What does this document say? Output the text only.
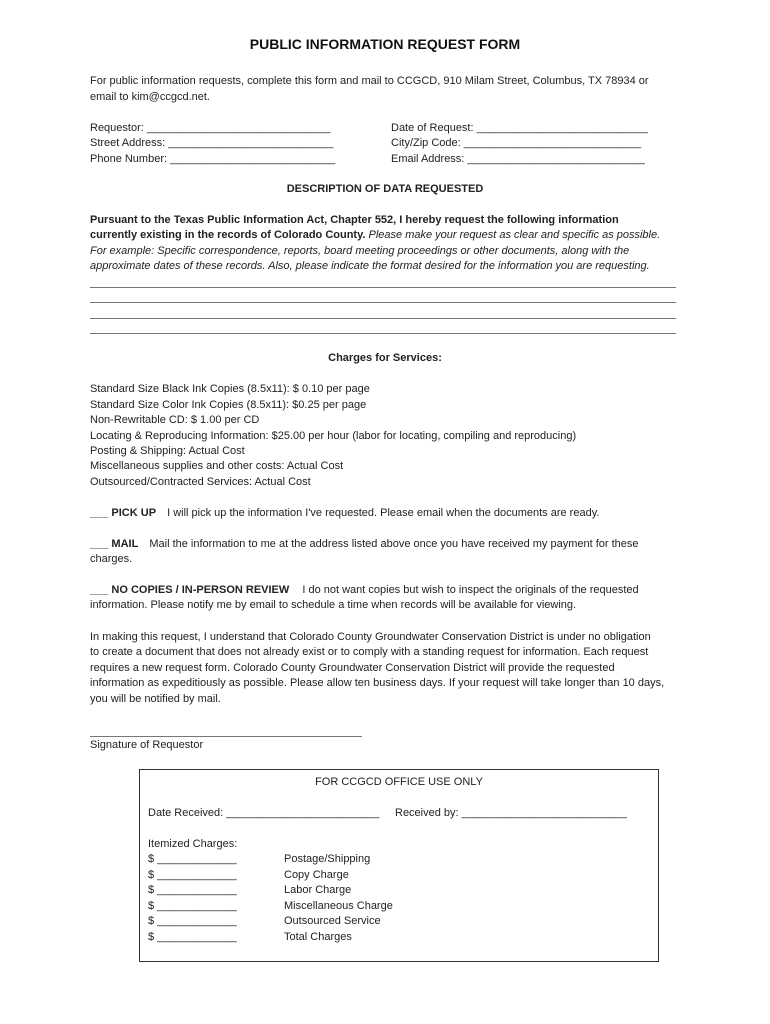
PUBLIC INFORMATION REQUEST FORM
For public information requests, complete this form and mail to CCGCD, 910 Milam Street, Columbus, TX 78934 or
email to kim@ccgcd.net.
Requestor: ______________________________
Street Address: ___________________________
Phone Number: ___________________________
Date of Request: ____________________________
City/Zip Code: _____________________________
Email Address: _____________________________
DESCRIPTION OF DATA REQUESTED
Pursuant to the Texas Public Information Act, Chapter 552, I hereby request the following information
currently existing in the records of Colorado County. Please make your request as clear and specific as possible.
For example: Specific correspondence, reports, board meeting proceedings or other documents, along with the
approximate dates of these records. Also, please indicate the format desired for the information you are requesting.
Charges for Services:
Standard Size Black Ink Copies (8.5x11): $ 0.10 per page
Standard Size Color Ink Copies (8.5x11): $0.25 per page
Non-Rewritable CD: $ 1.00 per CD
Locating & Reproducing Information: $25.00 per hour (labor for locating, compiling and reproducing)
Posting & Shipping: Actual Cost
Miscellaneous supplies and other costs: Actual Cost
Outsourced/Contracted Services: Actual Cost
___ PICK UP I will pick up the information I've requested. Please email when the documents are ready.
___ MAIL Mail the information to me at the address listed above once you have received my payment for these
charges.
___ NO COPIES / IN-PERSON REVIEW I do not want copies but wish to inspect the originals of the requested
information. Please notify me by email to schedule a time when records will be available for viewing.
In making this request, I understand that Colorado County Groundwater Conservation District is under no obligation
to create a document that does not already exist or to comply with a standing request for information. Each request
requires a new request form. Colorado County Groundwater Conservation District will provide the requested
information as expeditiously as possible. Please allow ten business days. If your request will take longer than 10 days,
you will be notified by mail.
Signature of Requestor
FOR CCGCD OFFICE USE ONLY
Date Received: _________________________ Received by: ___________________________
Itemized Charges:
$ _____________
$ _____________
$ _____________
$ _____________
$ _____________
$ _____________
Postage/Shipping
Copy Charge
Labor Charge
Miscellaneous Charge
Outsourced Service
Total Charges
